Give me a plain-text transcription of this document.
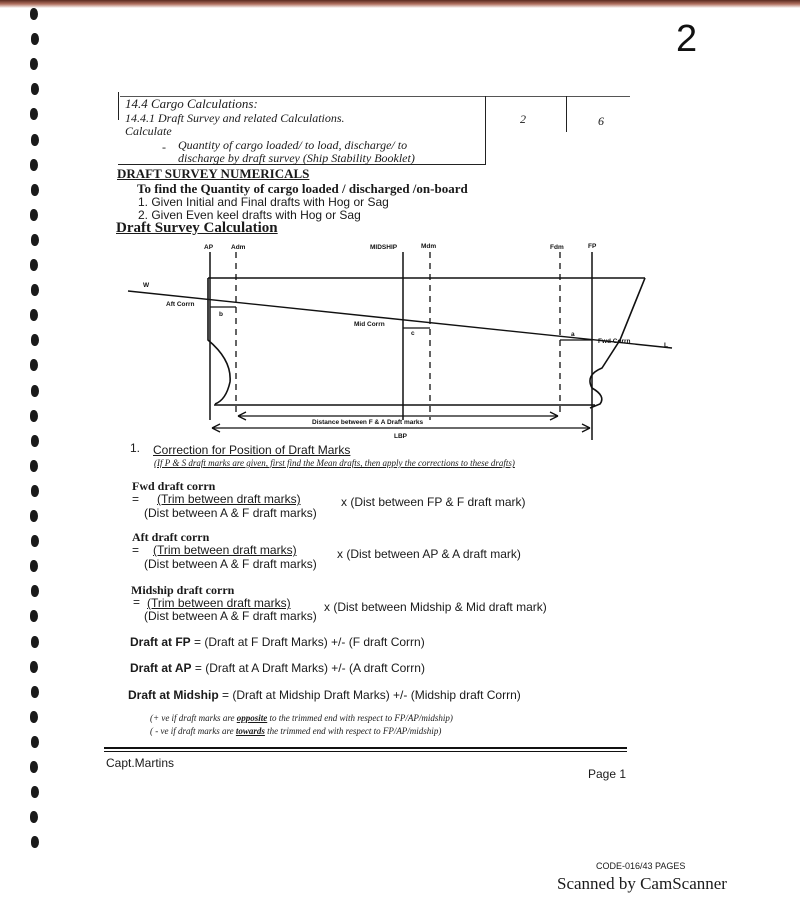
2
14.4 Cargo Calculations:
14.4.1 Draft Survey and related Calculations.
Calculate
- Quantity of cargo loaded/ to load, discharge/ to
discharge by draft survey (Ship Stability Booklet)
2	6
DRAFT SURVEY NUMERICALS
To find the Quantity of cargo loaded / discharged /on-board
1. Given Initial and Final drafts with Hog or Sag
2. Given Even keel drafts with Hog or Sag
Draft Survey Calculation
AP	Adm	MIDSHIP	Mdm	Fdm	FP
W
L
Aft Corrn
b
Mid Corrn
c	a
Fwd Corrn
Distance between F & A Draft marks
LBP
1. Correction for Position of Draft Marks
(If P & S draft marks are given, first find the Mean drafts, then apply the corrections to these drafts)
Fwd draft corrn
= (Trim between draft marks)	x (Dist between FP & F draft mark)
(Dist between A & F draft marks)
Aft draft corrn
= (Trim between draft marks)	x (Dist between AP & A draft mark)
(Dist between A & F draft marks)
Midship draft corrn
= (Trim between draft marks)	x (Dist between Midship & Mid draft mark)
(Dist between A & F draft marks)
Draft at FP = (Draft at F Draft Marks) +/- (F draft Corrn)
Draft at AP = (Draft at A Draft Marks) +/- (A draft Corrn)
Draft at Midship = (Draft at Midship Draft Marks) +/- (Midship draft Corrn)
(+ ve if draft marks are opposite to the trimmed end with respect to FP/AP/midship)
( - ve if draft marks are towards the trimmed end with respect to FP/AP/midship)
Capt.Martins
Page 1
CODE-016/43 PAGES
Scanned by CamScanner
